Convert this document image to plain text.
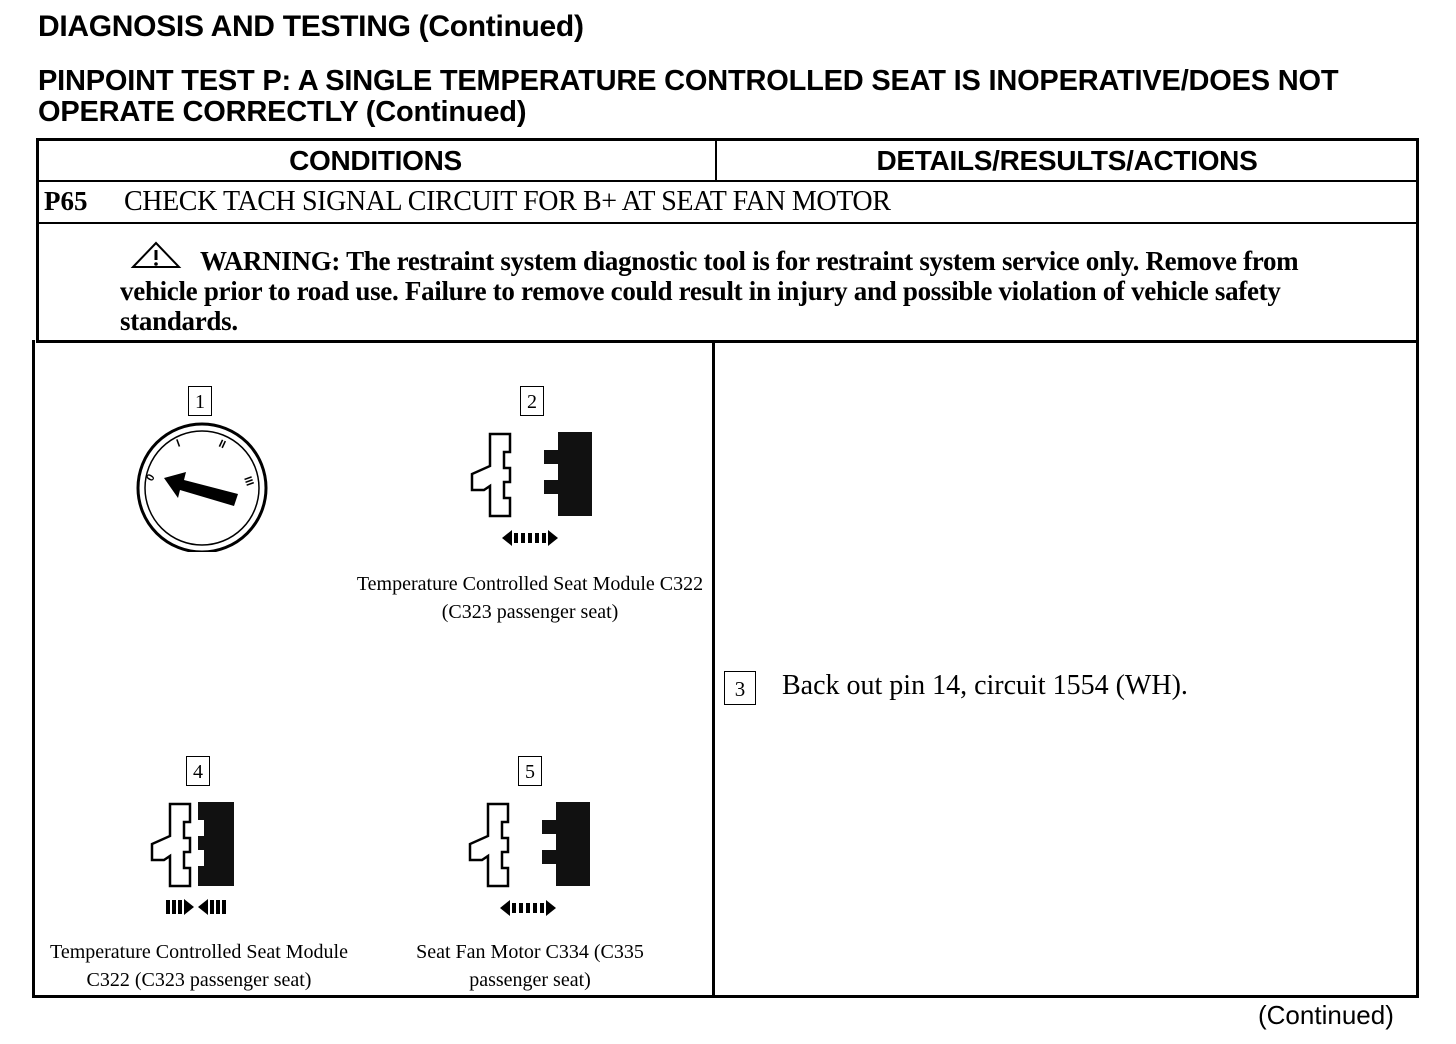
DIAGNOSIS AND TESTING (Continued)
PINPOINT TEST P: A SINGLE TEMPERATURE CONTROLLED SEAT IS INOPERATIVE/DOES NOT OPERATE CORRECTLY (Continued)
CONDITIONS	DETAILS/RESULTS/ACTIONS
P65 CHECK TACH SIGNAL CIRCUIT FOR B+ AT SEAT FAN MOTOR
WARNING: The restraint system diagnostic tool is for restraint system service only. Remove from vehicle prior to road use. Failure to remove could result in injury and possible violation of vehicle safety standards.
1
0
I	II
III
2
Temperature Controlled Seat Module C322 (C323 passenger seat)
4
Temperature Controlled Seat Module C322 (C323 passenger seat)
5
Seat Fan Motor C334 (C335 passenger seat)
3	Back out pin 14, circuit 1554 (WH).
(Continued)
